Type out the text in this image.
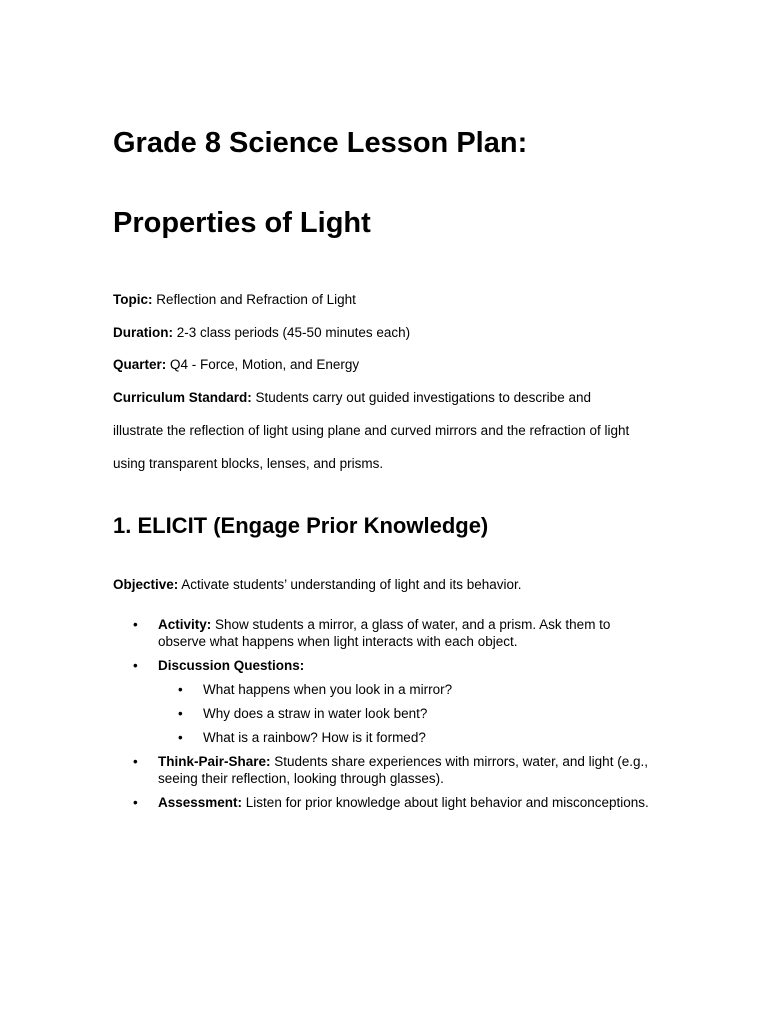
Grade 8 Science Lesson Plan:
Properties of Light

Topic: Reflection and Refraction of Light

Duration: 2-3 class periods (45-50 minutes each)

Quarter: Q4 - Force, Motion, and Energy

Curriculum Standard: Students carry out guided investigations to describe and

illustrate the reflection of light using plane and curved mirrors and the refraction of light

using transparent blocks, lenses, and prisms.

1. ELICIT (Engage Prior Knowledge)

Objective: Activate students’ understanding of light and its behavior.

• Activity: Show students a mirror, a glass of water, and a prism. Ask them to observe what happens when light interacts with each object.
• Discussion Questions:
• What happens when you look in a mirror?
• Why does a straw in water look bent?
• What is a rainbow? How is it formed?
• Think-Pair-Share: Students share experiences with mirrors, water, and light (e.g., seeing their reflection, looking through glasses).
• Assessment: Listen for prior knowledge about light behavior and misconceptions.
